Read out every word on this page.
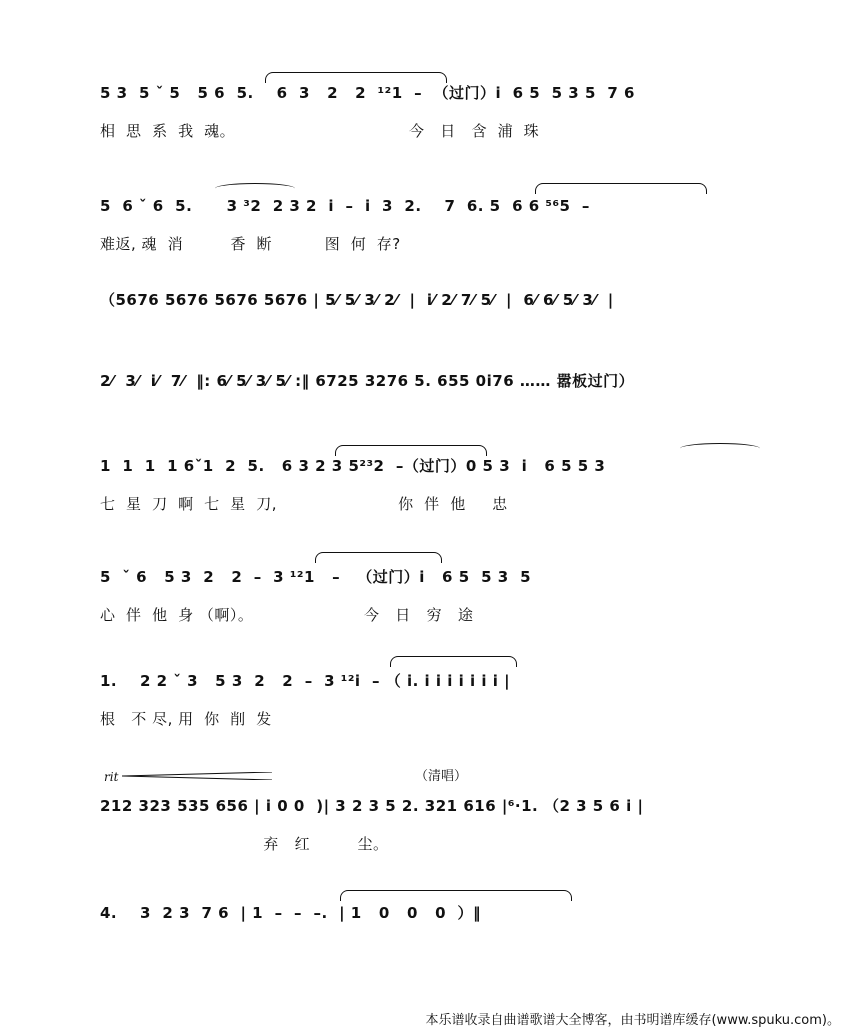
5 3  5 ˇ 5   5 6  5.    6  3   2   2  ¹²1  –  （过门）i  6 5  5 3 5  7 6
相  思  系  我  魂。                                 今   日   含  浦  珠
5  6 ˇ 6  5.      3 ³2  2 3 2  i  –  i  3  2.    7  6. 5  6 6 ⁵⁶5  –
难返, 魂  消         香  断          图  何  存?
（5676 5676 5676 5676 | 5⁄ 5⁄ 3⁄ 2⁄  |  i⁄ 2⁄ 7⁄ 5⁄  |  6⁄ 6⁄ 5⁄ 3⁄  |
2⁄  3⁄  i⁄  7⁄  ‖: 6⁄ 5⁄ 3⁄ 5⁄ :‖ 6725 3276 5. 655 0i76 …… 嚣板过门）
1  1  1  1 6ˇ1  2  5.   6 3 2 3 5²³2  –（过门）0 5 3  i   6 5 5 3
七  星  刀  啊  七  星  刀,                       你  伴  他     忠
5  ˇ 6   5 3  2   2  –  3 ¹²1   –   （过门）i   6 5  5 3  5
心  伴  他  身 （啊）。                     今   日   穷   途
1.    2 2 ˇ 3   5 3  2   2  –  3 ¹²i  – （ i. i i i i i i i |
根   不 尽, 用  你  削  发
rit	（清唱）
212 323 535 656 | i 0 0  )| 3 2 3 5 2. 321 616 |⁶·1. （2 3 5 6 i |
弃   红         尘。
4.    3  2 3  7 6  | 1  –  –  –.  | 1   0   0   0  ）‖
本乐谱收录自曲谱歌谱大全博客，由书明谱库缓存(www.spuku.com)。
